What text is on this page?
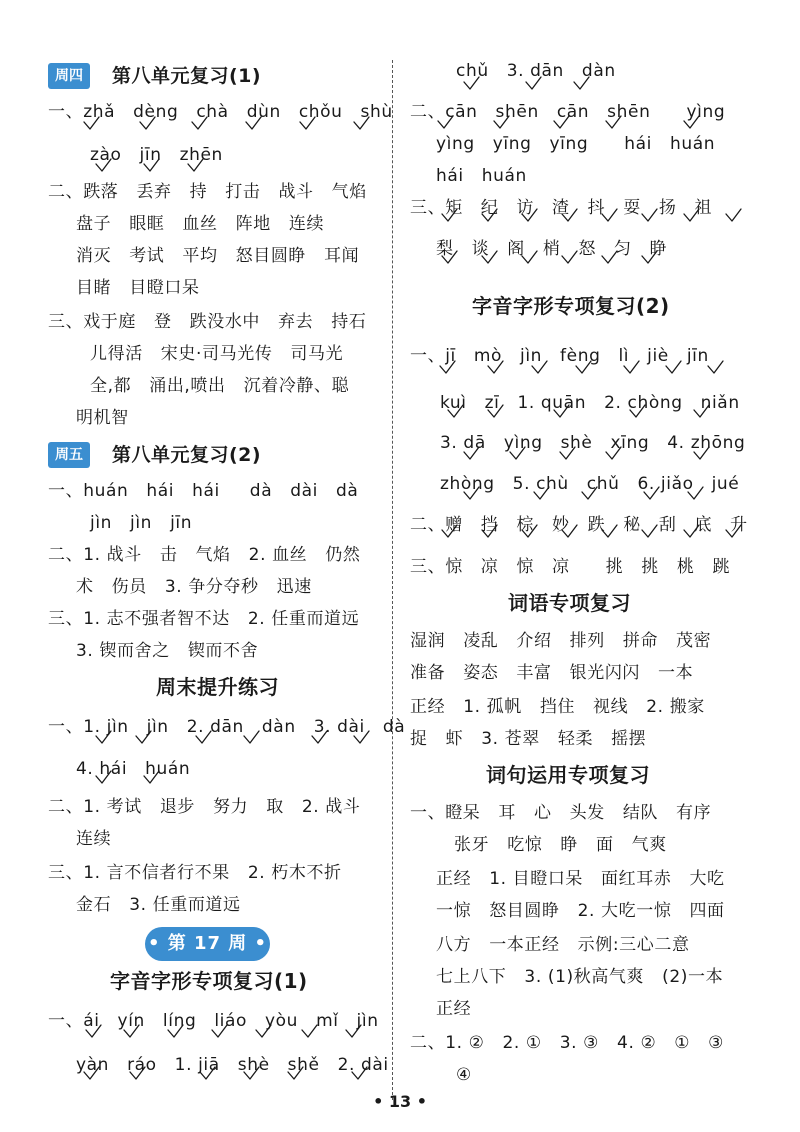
周四 第八单元复习(1)
一、zhǎ   dèng   chà   dùn   chǒu   shù
zào   jīn   zhēn
二、跌落   丢弃   持   打击   战斗   气焰
盘子   眼眶   血丝   阵地   连续
消灭   考试   平均   怒目圆睁   耳闻
目睹   目瞪口呆
三、戏于庭   登   跌没水中   弃去   持石
儿得活   宋史·司马光传   司马光
全,都   涌出,喷出   沉着冷静、聪
明机智
周五 第八单元复习(2)
一、huán   hái   hái     dà   dài   dà
jìn   jìn   jīn
二、1. 战斗   击   气焰   2. 血丝   仍然
术   伤员   3. 争分夺秒   迅速
三、1. 志不强者智不达   2. 任重而道远
3. 锲而舍之   锲而不舍
周末提升练习
一、1. jìn   jìn   2. dān   dàn   3. dài   dà
4. hái   huán
二、1. 考试   退步   努力   取   2. 战斗
连续
三、1. 言不信者行不果   2. 朽木不折
金石   3. 任重而道远
字音字形专项复习(1)
一、ái   yín   líng   liáo   yòu   mǐ   jìn
yàn   ráo   1. jiā   shè   shě   2. dài
• 第 17 周 •
chǔ   3. dān   dàn
二、cān   shēn   cān   shēn      yìng
yìng   yīng   yīng      hái   huán
hái   huán
三、矩   纪   访   渣   抖   耍   扬   祖
梨   谈   阁   梢   怒   匀   睁
字音字形专项复习(2)
一、jī   mò   jìn   fèng   lì   jiè   jīn
kuì   zī   1. quān   2. chòng   niǎn
3. dā   yìng   shè   xīng   4. zhōng
zhòng   5. chù   chǔ   6. jiǎo   jué
二、赠   挡   棕   妙   跌   秘   刮   底   升
三、惊   凉   惊   凉      挑   挑   桃   跳
词语专项复习
湿润   凌乱   介绍   排列   拼命   茂密
准备   姿态   丰富   银光闪闪   一本
正经   1. 孤帆   挡住   视线   2. 搬家
捉   虾   3. 苍翠   轻柔   摇摆
词句运用专项复习
一、瞪呆   耳   心   头发   结队   有序
张牙   吃惊   睁   面   气爽
正经   1. 目瞪口呆   面红耳赤   大吃
一惊   怒目圆睁   2. 大吃一惊   四面
八方   一本正经   示例:三心二意
七上八下   3. (1)秋高气爽   (2)一本
正经
二、1. ②   2. ①   3. ③   4. ②   ①   ③
④
• 13 •
